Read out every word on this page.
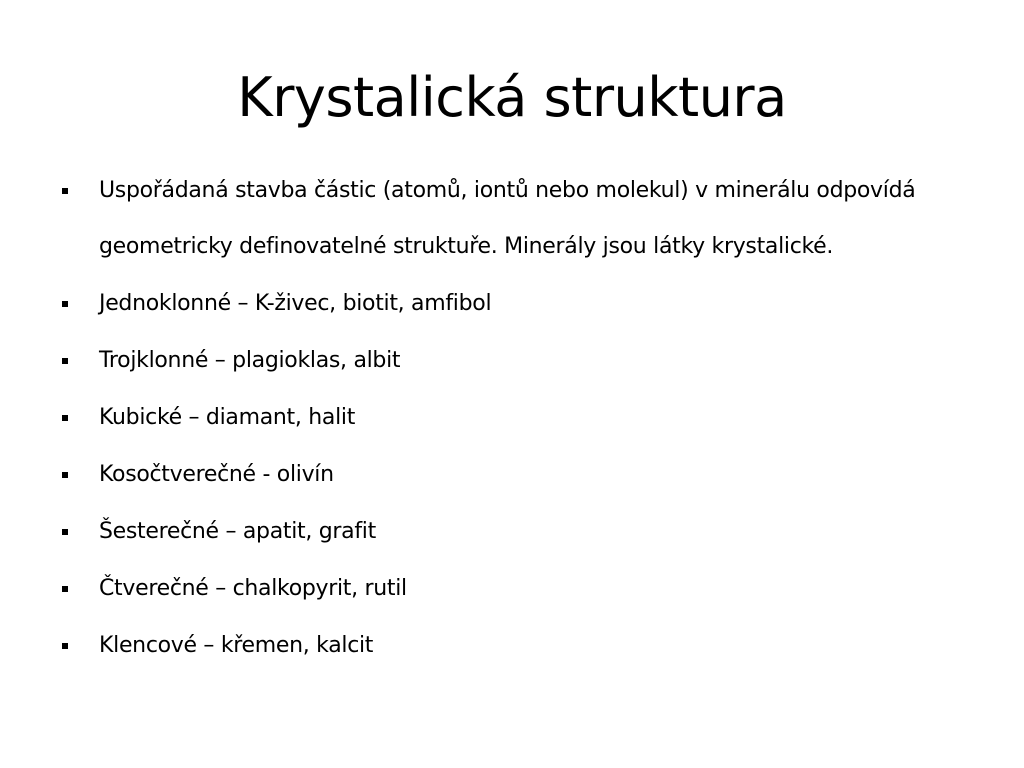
Krystalická struktura
Uspořádaná stavba částic (atomů, iontů nebo molekul) v minerálu odpovídá geometricky definovatelné struktuře. Minerály jsou látky krystalické.
Jednoklonné – K-živec, biotit, amfibol
Trojklonné – plagioklas, albit
Kubické – diamant, halit
Kosočtverečné - olivín
Šesterečné – apatit, grafit
Čtverečné – chalkopyrit, rutil
Klencové – křemen, kalcit
